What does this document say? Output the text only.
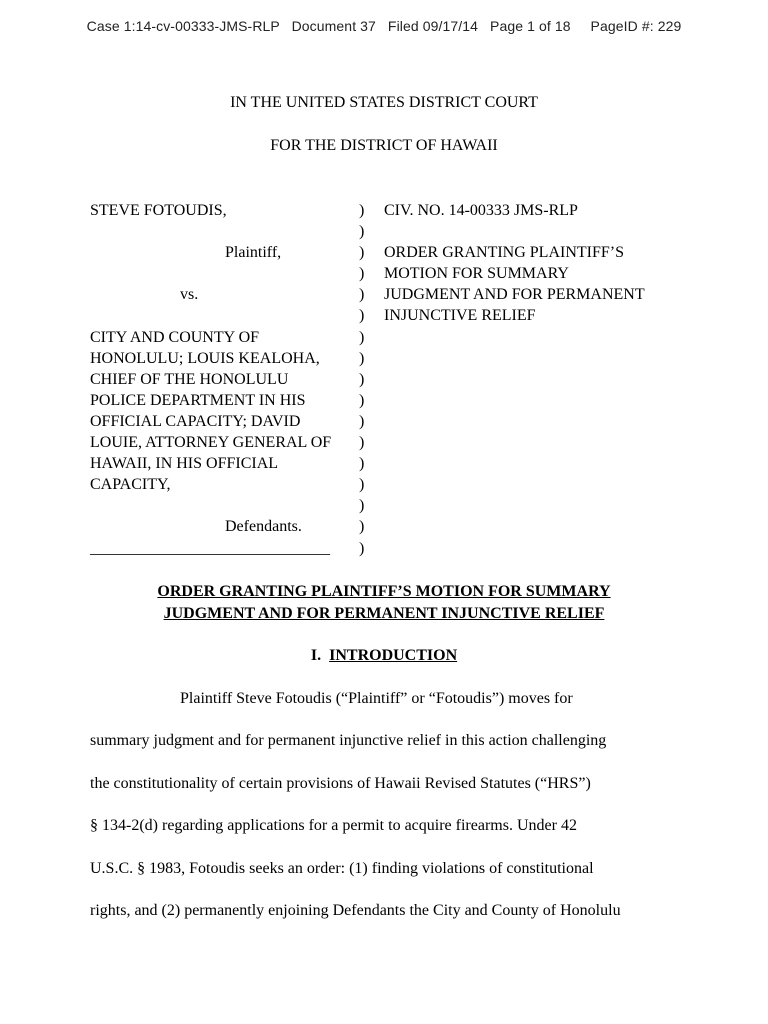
Case 1:14-cv-00333-JMS-RLP   Document 37   Filed 09/17/14   Page 1 of 18     PageID #: 229
IN THE UNITED STATES DISTRICT COURT
FOR THE DISTRICT OF HAWAII
STEVE FOTOUDIS,
Plaintiff,
vs.
CITY AND COUNTY OF
HONOLULU; LOUIS KEALOHA,
CHIEF OF THE HONOLULU
POLICE DEPARTMENT IN HIS
OFFICIAL CAPACITY; DAVID
LOUIE, ATTORNEY GENERAL OF
HAWAII, IN HIS OFFICIAL
CAPACITY,
Defendants.
______________________________
)
)
)
)
)
)
)
)
)
)
)
)
)
)
)
)
)
CIV. NO. 14-00333 JMS-RLP
ORDER GRANTING PLAINTIFF’S
MOTION FOR SUMMARY
JUDGMENT AND FOR PERMANENT
INJUNCTIVE RELIEF
ORDER GRANTING PLAINTIFF’S MOTION FOR SUMMARY
JUDGMENT AND FOR PERMANENT INJUNCTIVE RELIEF
I. INTRODUCTION
Plaintiff Steve Fotoudis (“Plaintiff” or “Fotoudis”) moves for
summary judgment and for permanent injunctive relief in this action challenging
the constitutionality of certain provisions of Hawaii Revised Statutes (“HRS”)
§ 134-2(d) regarding applications for a permit to acquire firearms. Under 42
U.S.C. § 1983, Fotoudis seeks an order: (1) finding violations of constitutional
rights, and (2) permanently enjoining Defendants the City and County of Honolulu
